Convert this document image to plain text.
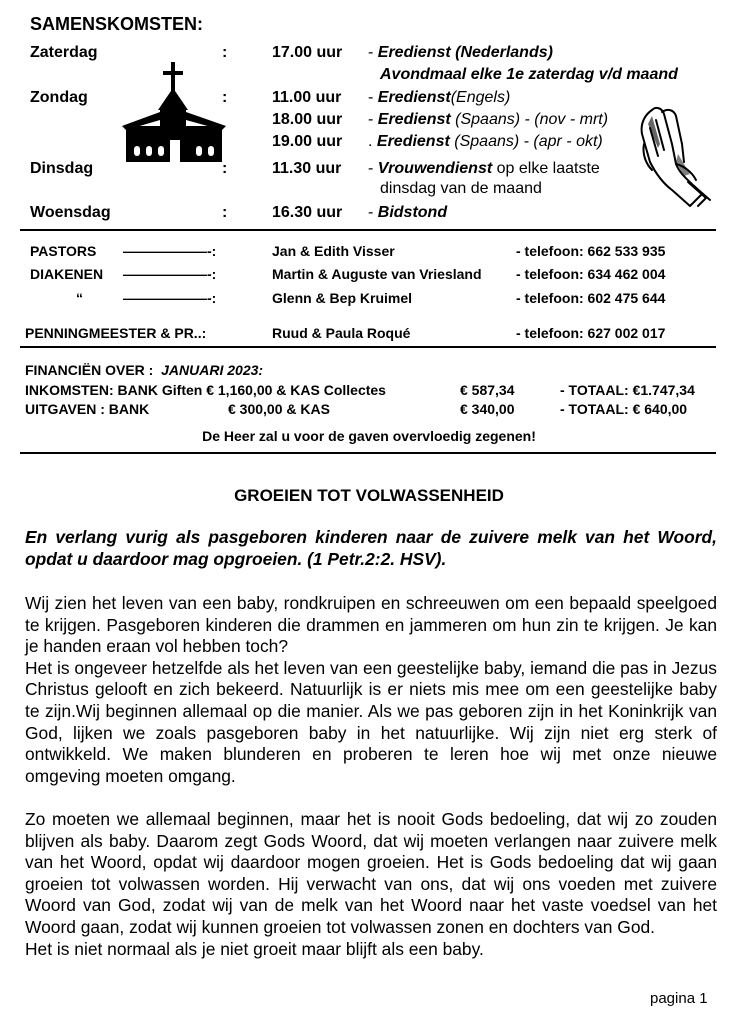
SAMENSKOMSTEN:
Zaterdag	:	17.00 uur - Eredienst (Nederlands)
Avondmaal elke 1e zaterdag v/d maand
Zondag	:	11.00 uur - Eredienst(Engels)
18.00 uur - Eredienst (Spaans) - (nov - mrt)
19.00 uur . Eredienst (Spaans) - (apr - okt)
Dinsdag	:	11.30 uur - Vrouwendienst op elke laatste
dinsdag van de maand
Woensdag	:	16.30 uur - Bidstond
PASTORS ——————-:	Jan & Edith Visser	- telefoon: 662 533 935
DIAKENEN ——————-:	Martin & Auguste van Vriesland - telefoon: 634 462 004
“	——————-:	Glenn & Bep Kruimel	- telefoon: 602 475 644
PENNINGMEESTER & PR..:	Ruud & Paula Roqué	- telefoon: 627 002 017
FINANCIËN OVER : JANUARI 2023:
INKOMSTEN: BANK Giften € 1,160,00 & KAS Collectes	€ 587,34	- TOTAAL: €1.747,34
UITGAVEN : BANK	€ 300,00 & KAS	€ 340,00	- TOTAAL: € 640,00
De Heer zal u voor de gaven overvloedig zegenen!
GROEIEN TOT VOLWASSENHEID
En verlang vurig als pasgeboren kinderen naar de zuivere melk van het Woord, opdat u daardoor mag opgroeien. (1 Petr.2:2. HSV).

Wij zien het leven van een baby, rondkruipen en schreeuwen om een bepaald speelgoed te krijgen. Pasgeboren kinderen die drammen en jammeren om hun zin te krijgen. Je kan je handen eraan vol hebben toch?

Het is ongeveer hetzelfde als het leven van een geestelijke baby, iemand die pas in Jezus Christus gelooft en zich bekeerd. Natuurlijk is er niets mis mee om een geestelijke baby te zijn.Wij beginnen allemaal op die manier. Als we pas geboren zijn in het Koninkrijk van God, lijken we zoals pasgeboren baby in het natuurlijke. Wij zijn niet erg sterk of ontwikkeld. We maken blunderen en proberen te leren hoe wij met onze nieuwe omgeving moeten omgang.

Zo moeten we allemaal beginnen, maar het is nooit Gods bedoeling, dat wij zo zouden blijven als baby. Daarom zegt Gods Woord, dat wij moeten verlangen naar zuivere melk van het Woord, opdat wij daardoor mogen groeien. Het is Gods bedoeling dat wij gaan groeien tot volwassen worden. Hij verwacht van ons, dat wij ons voeden met zuivere Woord van God, zodat wij van de melk van het Woord naar het vaste voedsel van het Woord gaan, zodat wij kunnen groeien tot volwassen zonen en dochters van God.

Het is niet normaal als je niet groeit maar blijft als een baby.

pagina 1
